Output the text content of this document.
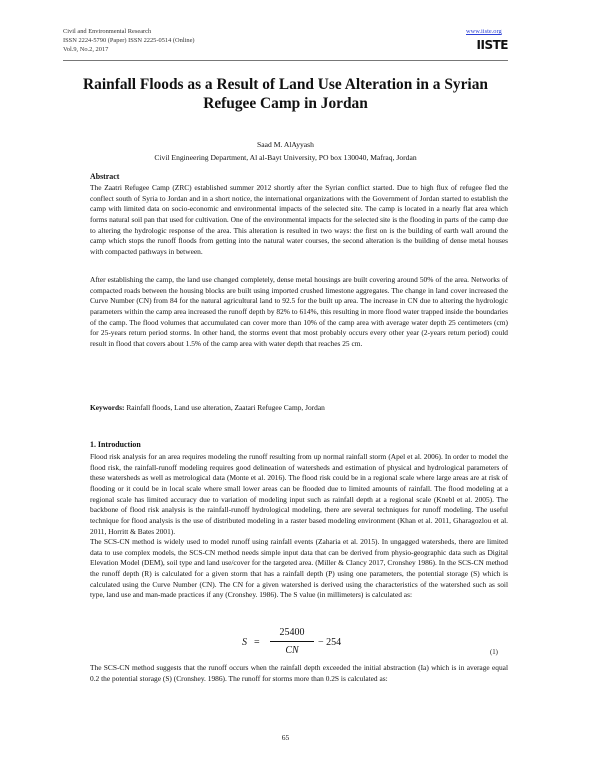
Civil and Environmental Research
ISSN 2224-5790 (Paper) ISSN 2225-0514 (Online)
Vol.9, No.2, 2017
www.iiste.org
IISTE
Rainfall Floods as a Result of Land Use Alteration in a Syrian
Refugee Camp in Jordan
Saad M. AlAyyash
Civil Engineering Department, Al al-Bayt University, PO box 130040, Mafraq, Jordan
Abstract

The Zaatri Refugee Camp (ZRC) established summer 2012 shortly after the Syrian conflict started. Due to high flux of refugee fled the conflect south of Syria to Jordan and in a short notice, the international organizations with the Government of Jordan started to establish the camp with limited data on socio-economic and environmental impacts of the selected site. The camp is located in a nearly flat area which forms natural soil pan that used for cultivation. One of the environmental impacts for the selected site is the flooding in parts of the camp due to altering the hydrologic response of the area. This alteration is resulted in two ways: the first on is the building of earth wall around the camp which stops the runoff floods from getting into the natural water courses, the second alteration is the building of dense metal houses with compacted pathways in between.

After establishing the camp, the land use changed completely, dense metal housings are built covering around 50% of the area. Networks of compacted roads between the housing blocks are built using imported crushed limestone aggregates. The change in land cover increased the Curve Number (CN) from 84 for the natural agricultural land to 92.5 for the built up area. The increase in CN due to altering the hydrologic parameters within the camp area increased the runoff depth by 82% to 614%, this resulting in more flood water trapped inside the boundaries of the camp. The flood volumes that accumulated can cover more than 10% of the camp area with average water depth 25 centimeters (cm) for 25-years return period storms. In other hand, the storms event that most probably occurs every other year (2-years return period) could result in flood that covers about 1.5% of the camp area with water depth that reaches 25 cm.

Keywords: Rainfall floods, Land use alteration, Zaatari Refugee Camp, Jordan

1. Introduction

Flood risk analysis for an area requires modeling the runoff resulting from up normal rainfall storm (Apel et al. 2006). In order to model the flood risk, the rainfall-runoff modeling requires good delineation of watersheds and estimation of physical and hydrological parameters of these watersheds as well as metrological data (Monte et al. 2016). The flood risk could be in a regional scale where large areas are at risk of flooding or it could be in local scale where small lower areas can be flooded due to limited amounts of rainfall. The flood modeling at a regional scale has limited accuracy due to variation of modeling input such as rainfall depth at a regional scale (Knebl et al. 2005). The backbone of flood risk analysis is the rainfall-runoff hydrological modeling, there are several techniques for runoff modeling. The useful technique for flood analysis is the use of distributed modeling in a raster based modeling environment (Khan et al. 2011, Gharagozlou et al. 2011, Horritt & Bates 2001).

The SCS-CN method is widely used to model runoff using rainfall events (Zaharia et al. 2015). In ungagged watersheds, there are limited data to use complex models, the SCS-CN method needs simple input data that can be derived from physio-geographic data such as Digital Elevation Model (DEM), soil type and land use/cover for the targeted area. (Miller & Clancy 2017, Cronshey 1986). In the SCS-CN method the runoff depth (R) is calculated for a given storm that has a rainfall depth (P) using one parameters, the potential storage (S) which is calculated using the Curve Number (CN). The CN for a given watershed is derived using the characteristics of the watershed such as soil type, land use and man-made practices if any (Cronshey. 1986). The S value (in millimeters) is calculated as:

S =
25400
CN
− 254
(1)

The SCS-CN method suggests that the runoff occurs when the rainfall depth exceeded the initial abstraction (Ia) which is in average equal 0.2 the potential storage (S) (Cronshey. 1986). The runoff for storms more than 0.2S is calculated as:

65
